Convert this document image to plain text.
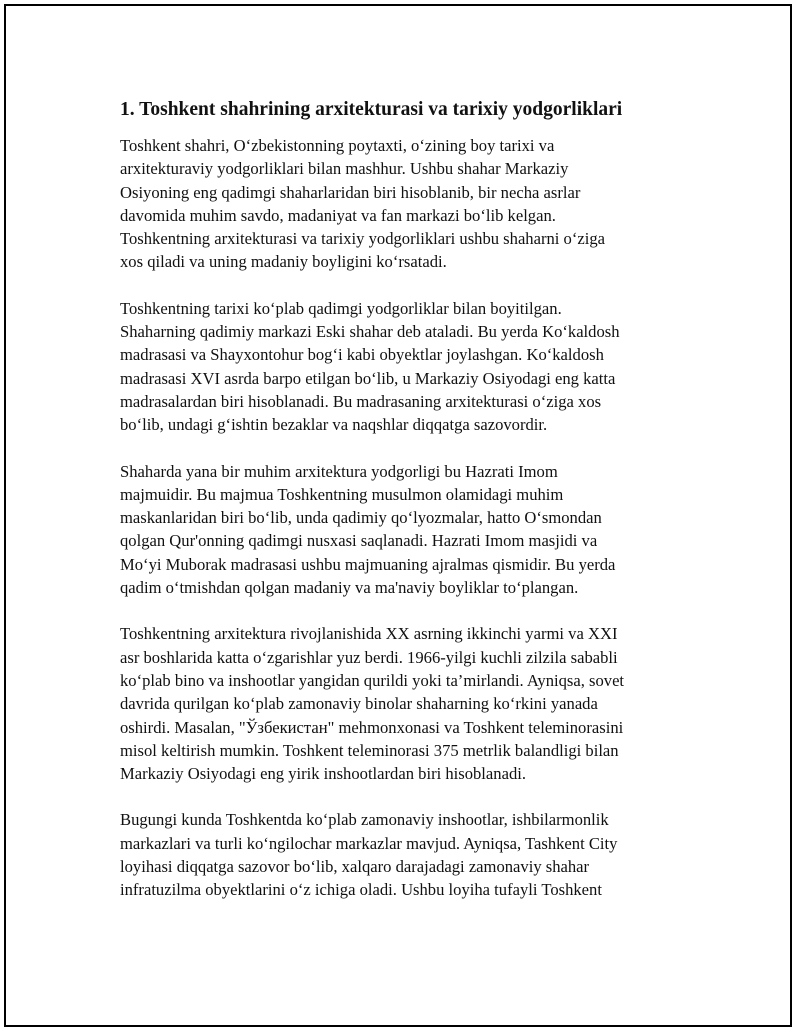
1. Toshkent shahrining arxitekturasi va tarixiy yodgorliklari

Toshkent shahri, O‘zbekistonning poytaxti, o‘zining boy tarixi va
arxitekturaviy yodgorliklari bilan mashhur. Ushbu shahar Markaziy
Osiyoning eng qadimgi shaharlaridan biri hisoblanib, bir necha asrlar
davomida muhim savdo, madaniyat va fan markazi bo‘lib kelgan.
Toshkentning arxitekturasi va tarixiy yodgorliklari ushbu shaharni o‘ziga
xos qiladi va uning madaniy boyligini ko‘rsatadi.

Toshkentning tarixi ko‘plab qadimgi yodgorliklar bilan boyitilgan.
Shaharning qadimiy markazi Eski shahar deb ataladi. Bu yerda Ko‘kaldosh
madrasasi va Shayxontohur bog‘i kabi obyektlar joylashgan. Ko‘kaldosh
madrasasi XVI asrda barpo etilgan bo‘lib, u Markaziy Osiyodagi eng katta
madrasalardan biri hisoblanadi. Bu madrasaning arxitekturasi o‘ziga xos
bo‘lib, undagi g‘ishtin bezaklar va naqshlar diqqatga sazovordir.

Shaharda yana bir muhim arxitektura yodgorligi bu Hazrati Imom
majmuidir. Bu majmua Toshkentning musulmon olamidagi muhim
maskanlaridan biri bo‘lib, unda qadimiy qo‘lyozmalar, hatto O‘smondan
qolgan Qur'onning qadimgi nusxasi saqlanadi. Hazrati Imom masjidi va
Mo‘yi Muborak madrasasi ushbu majmuaning ajralmas qismidir. Bu yerda
qadim o‘tmishdan qolgan madaniy va ma'naviy boyliklar to‘plangan.

Toshkentning arxitektura rivojlanishida XX asrning ikkinchi yarmi va XXI
asr boshlarida katta o‘zgarishlar yuz berdi. 1966-yilgi kuchli zilzila sababli
ko‘plab bino va inshootlar yangidan qurildi yoki ta’mirlandi. Ayniqsa, sovet
davrida qurilgan ko‘plab zamonaviy binolar shaharning ko‘rkini yanada
oshirdi. Masalan, "Ўзбекистан" mehmonxonasi va Toshkent teleminorasini
misol keltirish mumkin. Toshkent teleminorasi 375 metrlik balandligi bilan
Markaziy Osiyodagi eng yirik inshootlardan biri hisoblanadi.

Bugungi kunda Toshkentda ko‘plab zamonaviy inshootlar, ishbilarmonlik
markazlari va turli ko‘ngilochar markazlar mavjud. Ayniqsa, Tashkent City
loyihasi diqqatga sazovor bo‘lib, xalqaro darajadagi zamonaviy shahar
infratuzilma obyektlarini o‘z ichiga oladi. Ushbu loyiha tufayli Toshkent
